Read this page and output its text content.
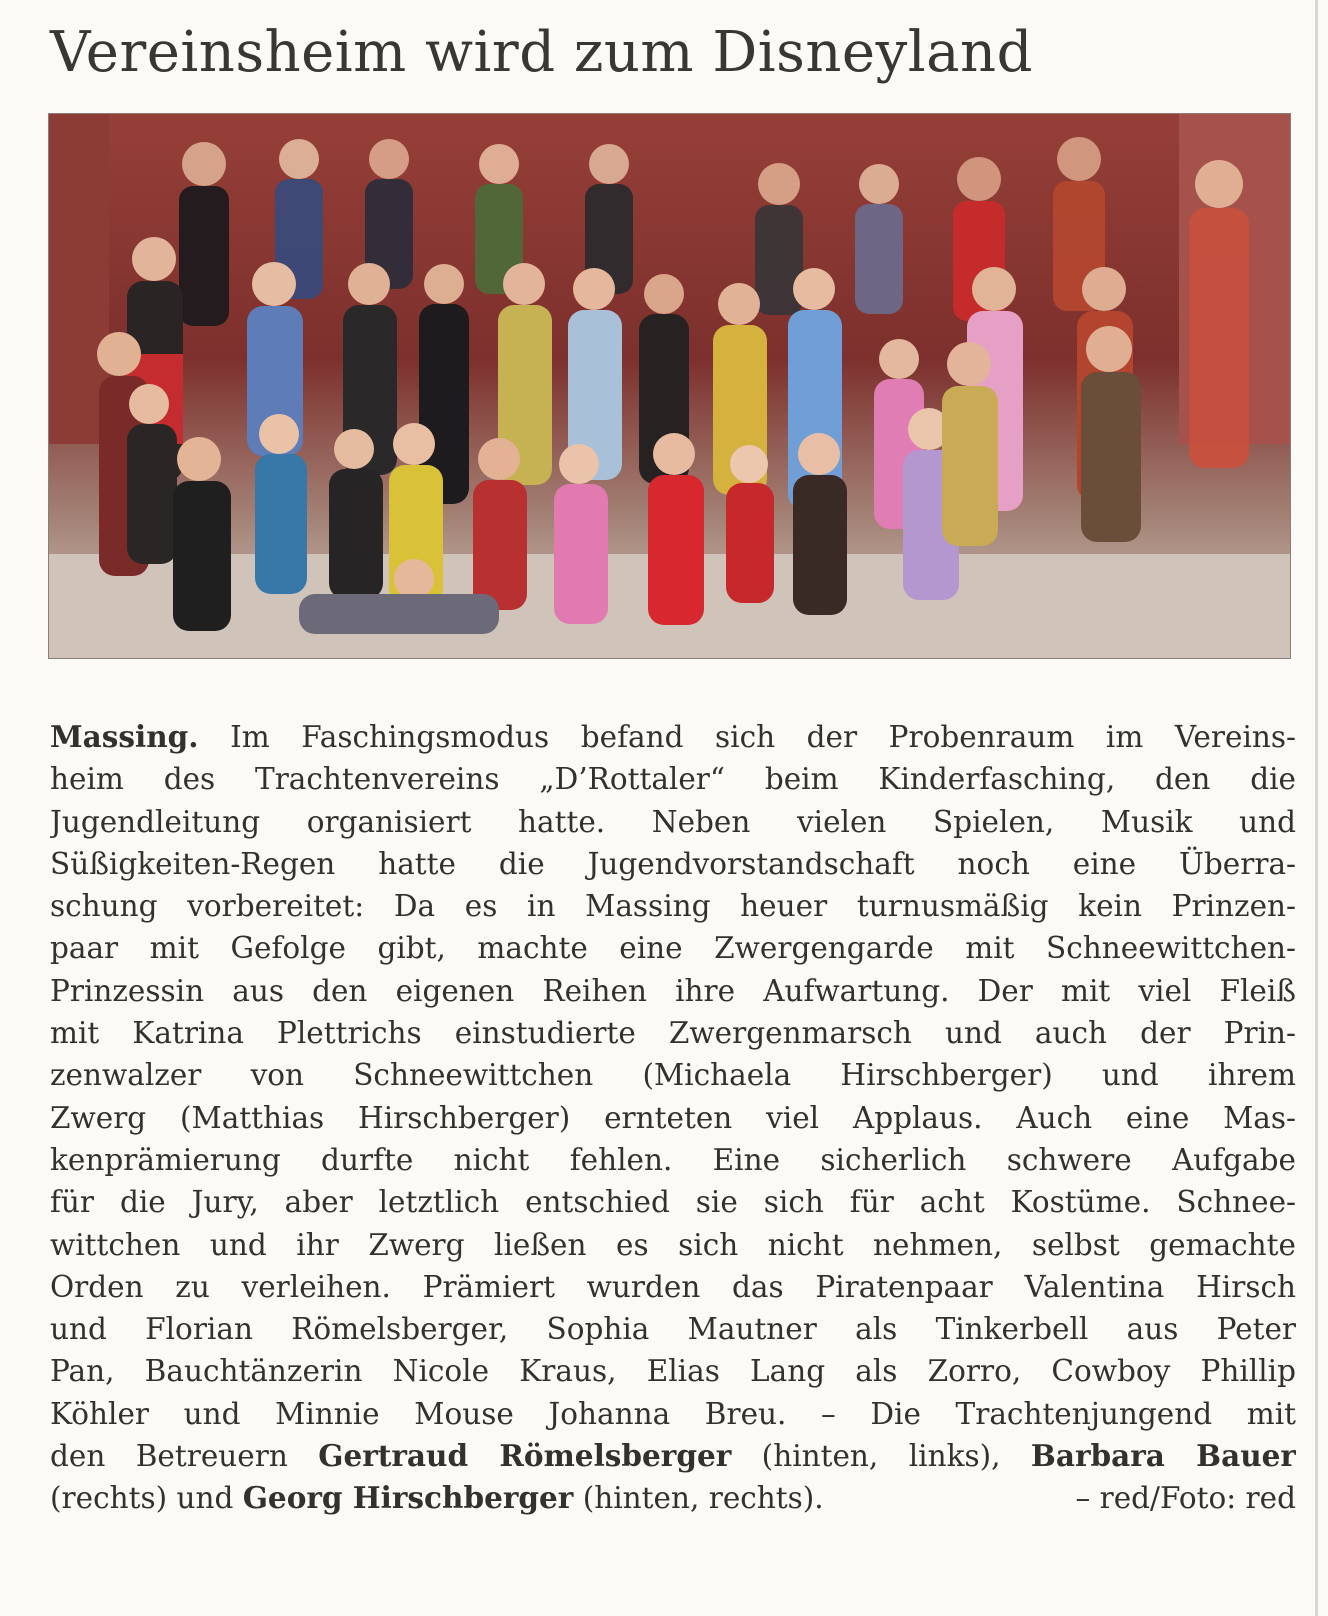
Vereinsheim wird zum Disneyland
Massing. Im Faschingsmodus befand sich der Probenraum im Vereins-
heim des Trachtenvereins „D’Rottaler“ beim Kinderfasching, den die
Jugendleitung organisiert hatte. Neben vielen Spielen, Musik und
Süßigkeiten-Regen hatte die Jugendvorstandschaft noch eine Überra-
schung vorbereitet: Da es in Massing heuer turnusmäßig kein Prinzen-
paar mit Gefolge gibt, machte eine Zwergengarde mit Schneewittchen-
Prinzessin aus den eigenen Reihen ihre Aufwartung. Der mit viel Fleiß
mit Katrina Plettrichs einstudierte Zwergenmarsch und auch der Prin-
zenwalzer von Schneewittchen (Michaela Hirschberger) und ihrem
Zwerg (Matthias Hirschberger) ernteten viel Applaus. Auch eine Mas-
kenprämierung durfte nicht fehlen. Eine sicherlich schwere Aufgabe
für die Jury, aber letztlich entschied sie sich für acht Kostüme. Schnee-
wittchen und ihr Zwerg ließen es sich nicht nehmen, selbst gemachte
Orden zu verleihen. Prämiert wurden das Piratenpaar Valentina Hirsch
und Florian Römelsberger, Sophia Mautner als Tinkerbell aus Peter
Pan, Bauchtänzerin Nicole Kraus, Elias Lang als Zorro, Cowboy Phillip
Köhler und Minnie Mouse Johanna Breu. – Die Trachtenjungend mit
den Betreuern Gertraud Römelsberger (hinten, links), Barbara Bauer
(rechts) und Georg Hirschberger (hinten, rechts).	– red/Foto: red
